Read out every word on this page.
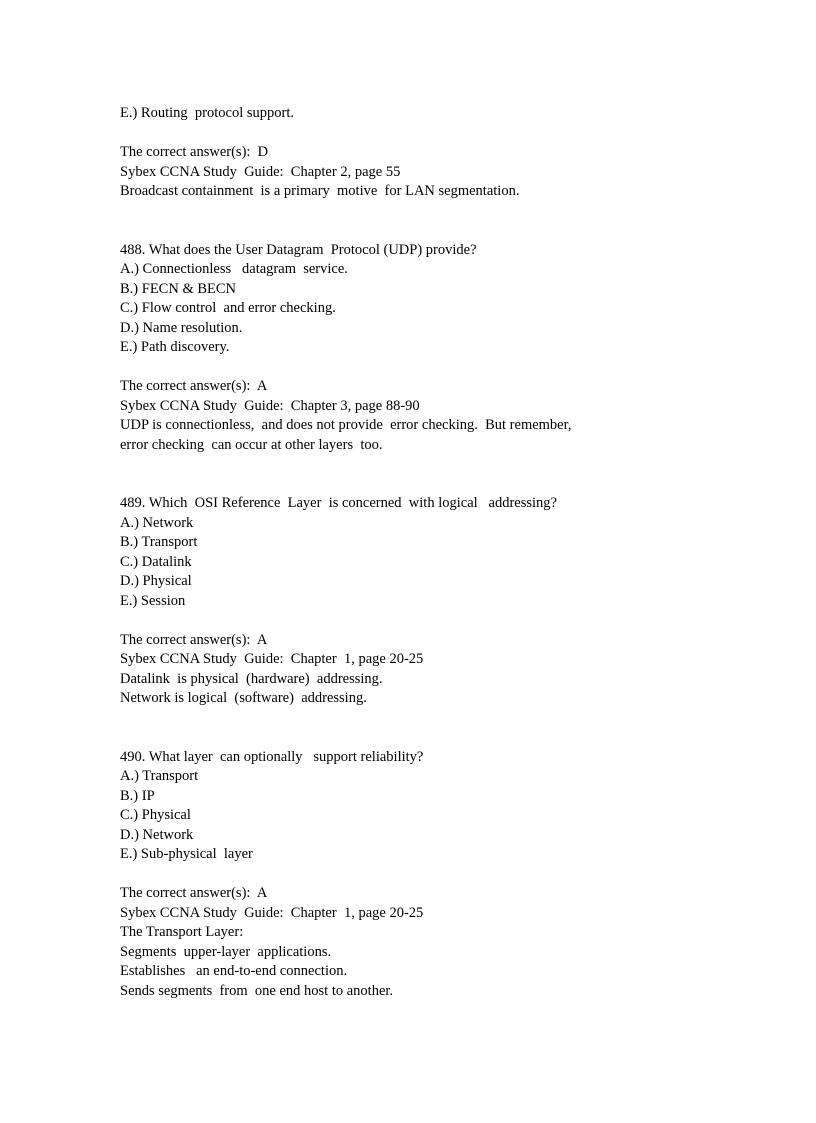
E.) Routing  protocol support.
The correct answer(s):  D
Sybex CCNA Study  Guide:  Chapter 2, page 55
Broadcast containment  is a primary  motive  for LAN segmentation.
488. What does the User Datagram  Protocol (UDP) provide?
A.) Connectionless   datagram  service.
B.) FECN & BECN
C.) Flow control  and error checking.
D.) Name resolution.
E.) Path discovery.
The correct answer(s):  A
Sybex CCNA Study  Guide:  Chapter 3, page 88-90
UDP is connectionless,  and does not provide  error checking.  But remember,
error checking  can occur at other layers  too.
489. Which  OSI Reference  Layer  is concerned  with logical   addressing?
A.) Network
B.) Transport
C.) Datalink
D.) Physical
E.) Session
The correct answer(s):  A
Sybex CCNA Study  Guide:  Chapter  1, page 20-25
Datalink  is physical  (hardware)  addressing.
Network is logical  (software)  addressing.
490. What layer  can optionally   support reliability?
A.) Transport
B.) IP
C.) Physical
D.) Network
E.) Sub-physical  layer
The correct answer(s):  A
Sybex CCNA Study  Guide:  Chapter  1, page 20-25
The Transport Layer:
Segments  upper-layer  applications.
Establishes   an end-to-end connection.
Sends segments  from  one end host to another.
